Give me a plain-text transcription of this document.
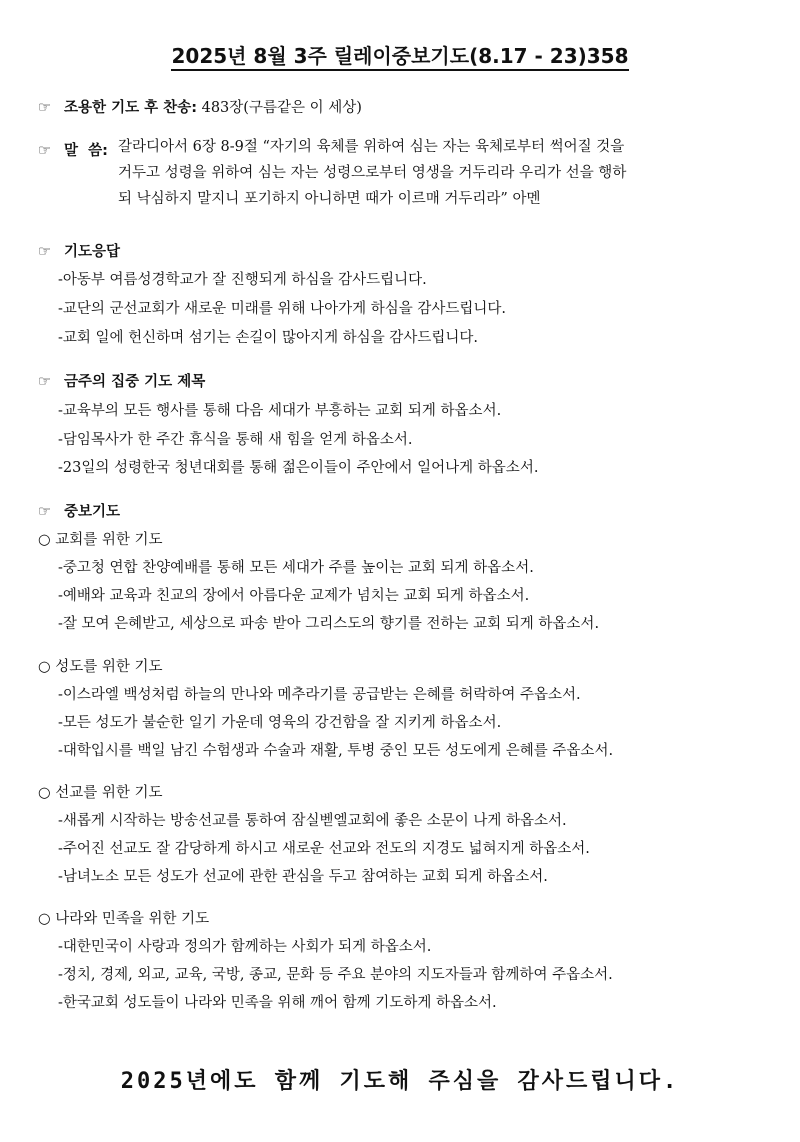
2025년 8월 3주 릴레이중보기도(8.17 - 23)358
☞ 조용한 기도 후 찬송: 483장(구름같은 이 세상)
☞ 말  씀: 갈라디아서 6장 8-9절 “자기의 육체를 위하여 심는 자는 육체로부터 썩어질 것을
거두고 성령을 위하여 심는 자는 성령으로부터 영생을 거두리라 우리가 선을 행하
되 낙심하지 말지니 포기하지 아니하면 때가 이르매 거두리라” 아멘
☞ 기도응답
-아동부 여름성경학교가 잘 진행되게 하심을 감사드립니다.
-교단의 군선교회가 새로운 미래를 위해 나아가게 하심을 감사드립니다.
-교회 일에 헌신하며 섬기는 손길이 많아지게 하심을 감사드립니다.
☞ 금주의 집중 기도 제목
-교육부의 모든 행사를 통해 다음 세대가 부흥하는 교회 되게 하옵소서.
-담임목사가 한 주간 휴식을 통해 새 힘을 얻게 하옵소서.
-23일의 성령한국 청년대회를 통해 젊은이들이 주안에서 일어나게 하옵소서.
☞ 중보기도
○ 교회를 위한 기도
-중고청 연합 찬양예배를 통해 모든 세대가 주를 높이는 교회 되게 하옵소서.
-예배와 교육과 친교의 장에서 아름다운 교제가 넘치는 교회 되게 하옵소서.
-잘 모여 은혜받고, 세상으로 파송 받아 그리스도의 향기를 전하는 교회 되게 하옵소서.
○ 성도를 위한 기도
-이스라엘 백성처럼 하늘의 만나와 메추라기를 공급받는 은혜를 허락하여 주옵소서.
-모든 성도가 불순한 일기 가운데 영육의 강건함을 잘 지키게 하옵소서.
-대학입시를 백일 남긴 수험생과 수술과 재활, 투병 중인 모든 성도에게 은혜를 주옵소서.
○ 선교를 위한 기도
-새롭게 시작하는 방송선교를 통하여 잠실벧엘교회에 좋은 소문이 나게 하옵소서.
-주어진 선교도 잘 감당하게 하시고 새로운 선교와 전도의 지경도 넓혀지게 하옵소서.
-남녀노소 모든 성도가 선교에 관한 관심을 두고 참여하는 교회 되게 하옵소서.
○ 나라와 민족을 위한 기도
-대한민국이 사랑과 정의가 함께하는 사회가 되게 하옵소서.
-정치, 경제, 외교, 교육, 국방, 종교, 문화 등 주요 분야의 지도자들과 함께하여 주옵소서.
-한국교회 성도들이 나라와 민족을 위해 깨어 함께 기도하게 하옵소서.
2025년에도 함께 기도해 주심을 감사드립니다.
